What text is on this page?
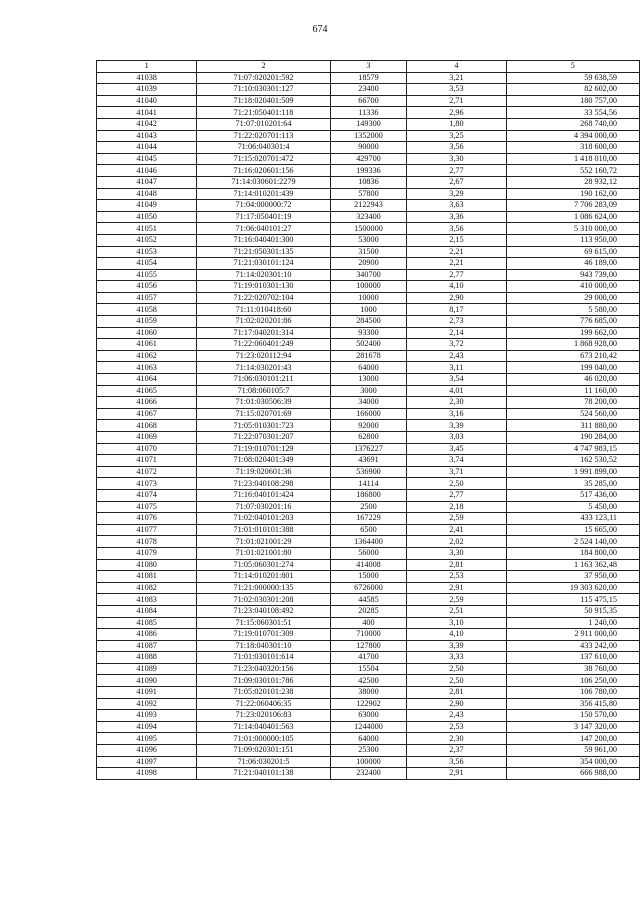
674
1	2	3	4	5
41038	71:07:020201:592	18579	3,21	59 638,59
41039	71:10:030301:127	23400	3,53	82 602,00
41040	71:18:020401:509	66700	2,71	180 757,00
41041	71:21:050401:118	11336	2,96	33 554,56
41042	71:07:010201:64	149300	1,80	268 740,00
41043	71:22:020701:113	1352000	3,25	4 394 000,00
41044	71:06:040301:4	90000	3,56	318 600,00
41045	71:15:020701:472	429700	3,30	1 418 010,00
41046	71:16:020601:156	199336	2,77	552 160,72
41047	71:14:030601:2279	10836	2,67	28 932,12
41048	71:14:010201:439	57800	3,29	190 162,00
41049	71:04:000000:72	2122943	3,63	7 706 283,09
41050	71:17:050401:19	323400	3,36	1 086 624,00
41051	71:06:040101:27	1500000	3,56	5 310 000,00
41052	71:16:040401:300	53000	2,15	113 950,00
41053	71:21:050301:135	31500	2,21	69 615,00
41054	71:21:030101:124	20900	2,21	46 189,00
41055	71:14:020301:10	340700	2,77	943 739,00
41056	71:19:010301:130	100000	4,10	410 000,00
41057	71:22:020702:104	10000	2,90	29 000,00
41058	71:11:010418:60	1000	8,17	5 580,00
41059	71:02:020201:86	284500	2,73	776 685,00
41060	71:17:040201:314	93300	2,14	199 662,00
41061	71:22:060401:249	502400	3,72	1 868 928,00
41062	71:23:020112:94	281678	2,43	673 210,42
41063	71:14:030201:43	64000	3,11	199 040,00
41064	71:06:030101:211	13000	3,54	46 020,00
41065	71:08:060105:7	3000	4,01	11 160,00
41066	71:01:030506:39	34000	2,30	78 200,00
41067	71:15:020701:69	166000	3,16	524 560,00
41068	71:05:010301:723	92000	3,39	311 880,00
41069	71:22:070301:207	62800	3,03	190 284,00
41070	71:19:010701:129	1376227	3,45	4 747 983,15
41071	71:08:020401:349	43691	3,74	162 530,52
41072	71:19:020601:36	536900	3,71	1 991 899,00
41073	71:23:040108:298	14114	2,50	35 285,00
41074	71:16:040101:424	186800	2,77	517 436,00
41075	71:07:030201:16	2500	2,18	5 450,00
41076	71:02:040101:203	167229	2,59	433 123,11
41077	71:01:010101:388	6500	2,41	15 665,00
41078	71:01:021001:29	1364400	2,02	2 524 140,00
41079	71:01:021001:80	56000	3,30	184 800,00
41080	71:05:060301:274	414008	2,81	1 163 362,48
41081	71:14:010201:801	15000	2,53	37 950,00
41082	71:21:000000:135	6726000	2,91	19 303 620,00
41083	71:02:030301:208	44585	2,59	115 475,15
41084	71:23:040108:492	20285	2,51	50 915,35
41085	71:15:060301:51	400	3,10	1 240,00
41086	71:19:010701:309	710000	4,10	2 911 000,00
41087	71:18:040301:10	127800	3,39	433 242,00
41088	71:01:030101:614	41700	3,33	137 610,00
41089	71:23:040320:156	15504	2,50	38 760,00
41090	71:09:030101:786	42500	2,50	106 250,00
41091	71:05:020101:238	38000	2,81	106 780,00
41092	71:22:060406:35	122902	2,90	356 415,80
41093	71:23:020106:83	63000	2,43	150 570,00
41094	71:14:040401:563	1244000	2,53	3 147 320,00
41095	71:01:000000:105	64000	2,30	147 200,00
41096	71:09:020301:151	25300	2,37	59 961,00
41097	71:06:030201:5	100000	3,56	354 000,00
41098	71:21:040101:138	232400	2,91	666 988,00
